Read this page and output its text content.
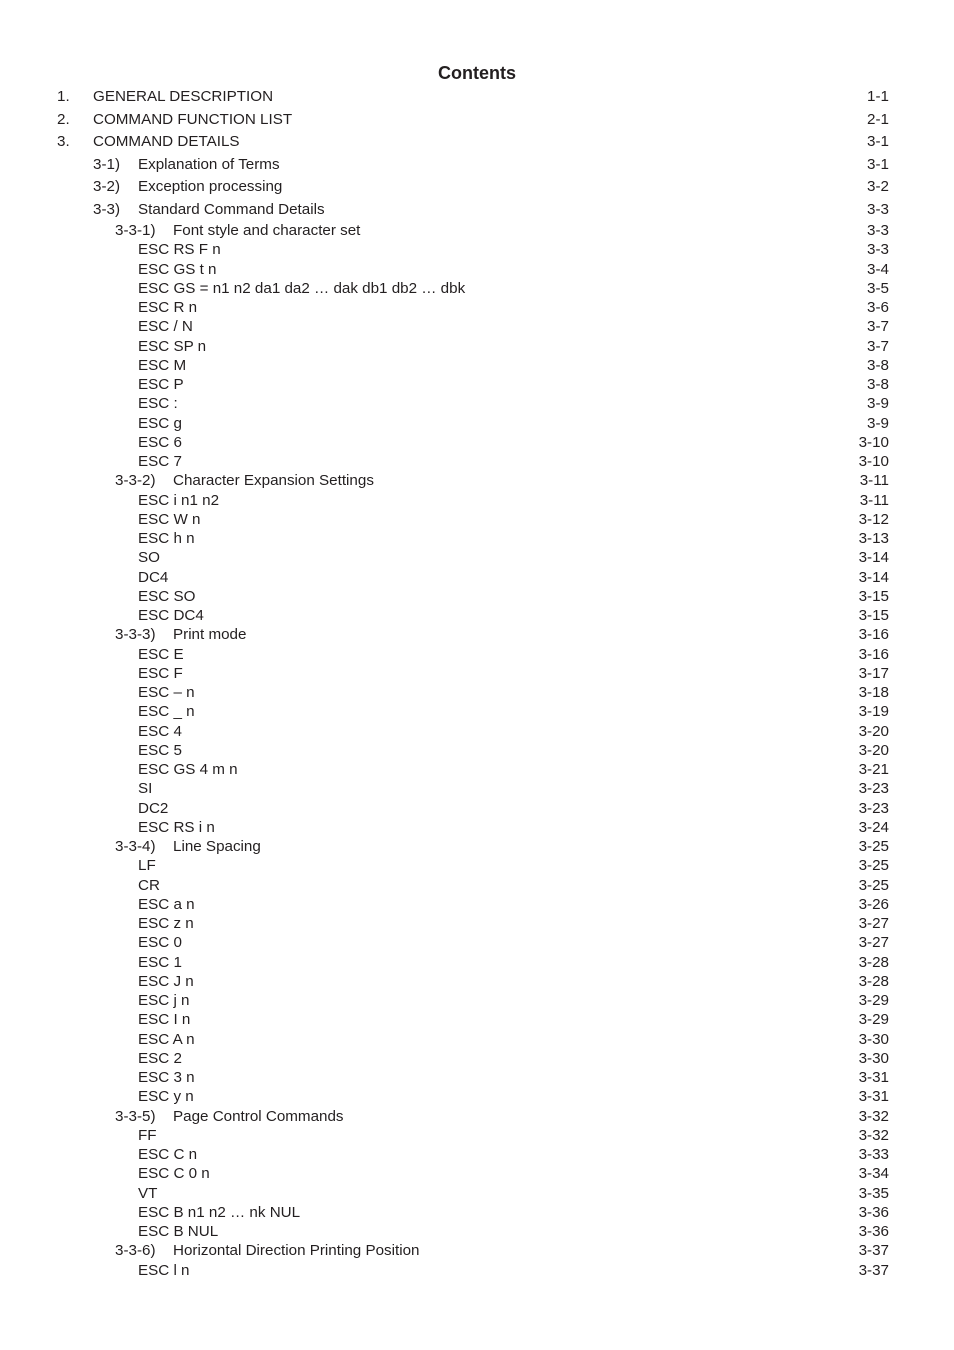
Contents
1. GENERAL DESCRIPTION	1-1
2. COMMAND FUNCTION LIST	2-1
3. COMMAND DETAILS	3-1
3-1) Explanation of Terms	3-1
3-2) Exception processing	3-2
3-3) Standard Command Details	3-3
3-3-1) Font style and character set	3-3
ESC RS F n	3-3
ESC GS t n	3-4
ESC GS = n1 n2 da1 da2 … dak db1 db2 … dbk	3-5
ESC R n	3-6
ESC / N	3-7
ESC SP n	3-7
ESC M	3-8
ESC P	3-8
ESC :	3-9
ESC g	3-9
ESC 6	3-10
ESC 7	3-10
3-3-2) Character Expansion Settings	3-11
ESC i n1 n2	3-11
ESC W n	3-12
ESC h n	3-13
SO	3-14
DC4	3-14
ESC SO	3-15
ESC DC4	3-15
3-3-3) Print mode	3-16
ESC E	3-16
ESC F	3-17
ESC – n	3-18
ESC _ n	3-19
ESC 4	3-20
ESC 5	3-20
ESC GS 4 m n	3-21
SI	3-23
DC2	3-23
ESC RS i n	3-24
3-3-4) Line Spacing	3-25
LF	3-25
CR	3-25
ESC a n	3-26
ESC z n	3-27
ESC 0	3-27
ESC 1	3-28
ESC J n	3-28
ESC j n	3-29
ESC I n	3-29
ESC A n	3-30
ESC 2	3-30
ESC 3 n	3-31
ESC y n	3-31
3-3-5) Page Control Commands	3-32
FF	3-32
ESC C n	3-33
ESC C 0 n	3-34
VT	3-35
ESC B n1 n2 … nk NUL	3-36
ESC B NUL	3-36
3-3-6) Horizontal Direction Printing Position	3-37
ESC l n	3-37
